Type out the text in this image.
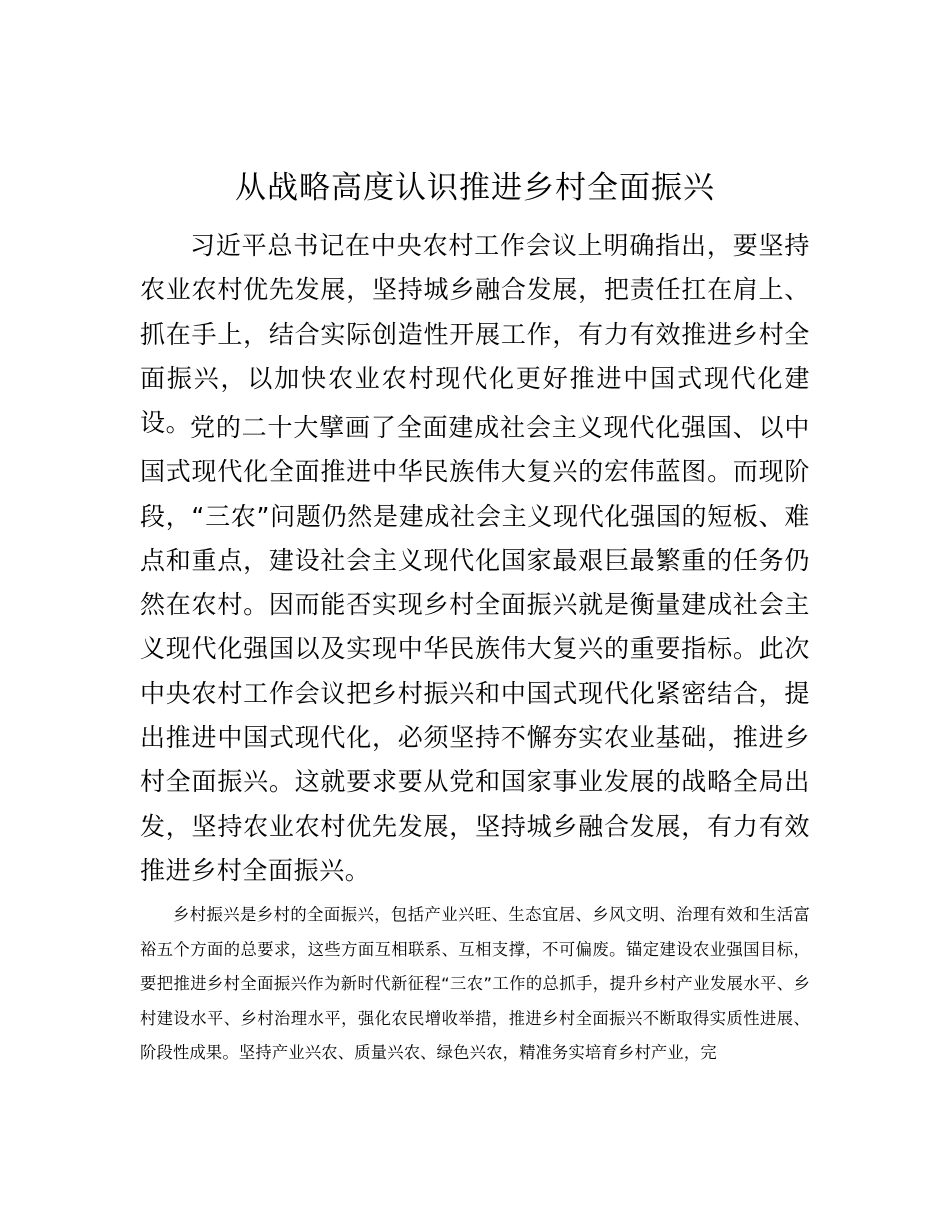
从战略高度认识推进乡村全面振兴

习近平总书记在中央农村工作会议上明确指出，要坚持农业农村优先发展，坚持城乡融合发展，把责任扛在肩上、抓在手上，结合实际创造性开展工作，有力有效推进乡村全面振兴，以加快农业农村现代化更好推进中国式现代化建设。

党的二十大擘画了全面建成社会主义现代化强国、以中国式现代化全面推进中华民族伟大复兴的宏伟蓝图。而现阶段，“三农”问题仍然是建成社会主义现代化强国的短板、难点和重点，建设社会主义现代化国家最艰巨最繁重的任务仍然在农村。因而能否实现乡村全面振兴就是衡量建成社会主义现代化强国以及实现中华民族伟大复兴的重要指标。此次中央农村工作会议把乡村振兴和中国式现代化紧密结合，提出推进中国式现代化，必须坚持不懈夯实农业基础，推进乡村全面振兴。这就要求要从党和国家事业发展的战略全局出发，坚持农业农村优先发展，坚持城乡融合发展，有力有效推进乡村全面振兴。

乡村振兴是乡村的全面振兴，包括产业兴旺、生态宜居、乡风文明、治理有效和生活富裕五个方面的总要求，这些方面互相联系、互相支撑，不可偏废。锚定建设农业强国目标，要把推进乡村全面振兴作为新时代新征程“三农”工作的总抓手，提升乡村产业发展水平、乡村建设水平、乡村治理水平，强化农民增收举措，推进乡村全面振兴不断取得实质性进展、阶段性成果。坚持产业兴农、质量兴农、绿色兴农，精准务实培育乡村产业，完
